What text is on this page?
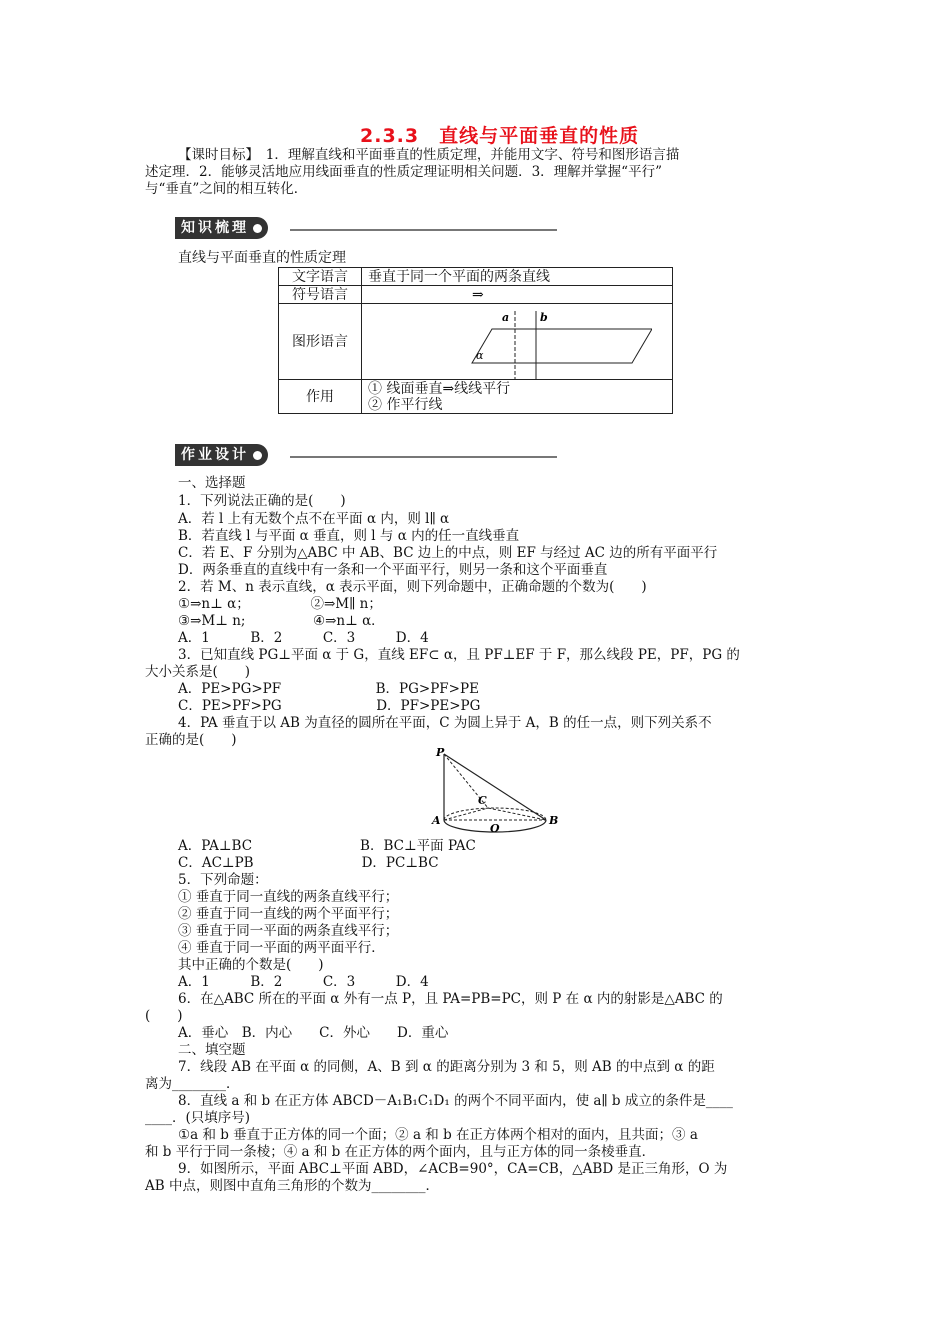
2.3.3　直线与平面垂直的性质
【课时目标】　1．理解直线和平面垂直的性质定理，并能用文字、符号和图形语言描
述定理．2．能够灵活地应用线面垂直的性质定理证明相关问题．3．理解并掌握“平行”
与“垂直”之间的相互转化．
知识梳理
直线与平面垂直的性质定理
文字语言	垂直于同一个平面的两条直线
符号语言	⇒
图形语言	a b
α

作用	① 线面垂直⇒线线平行
② 作平行线
作业设计
一、选择题
1．下列说法正确的是(　　)
A．若 l 上有无数个点不在平面 α 内，则 l∥ α
B．若直线 l 与平面 α 垂直，则 l 与 α 内的任一直线垂直
C．若 E、F 分别为△ABC 中 AB、BC 边上的中点，则 EF 与经过 AC 边的所有平面平行
D．两条垂直的直线中有一条和一个平面平行，则另一条和这个平面垂直
2．若 M、n 表示直线，α 表示平面，则下列命题中，正确命题的个数为(　　)
①⇒n⊥ α；　　　　　②⇒M∥ n；
③⇒M⊥ n;　　　　　④⇒n⊥ α．
A．1　　　B．2　　　C．3　　　D．4
3．已知直线 PG⊥平面 α 于 G，直线 EF⊂ α，且 PF⊥EF 于 F，那么线段 PE，PF，PG 的
大小关系是(　　)
A．PE>PG>PF　　　　　　　B．PG>PF>PE
C．PE>PF>PG　　　　　　　D．PF>PE>PG
4．PA 垂直于以 AB 为直径的圆所在平面，C 为圆上异于 A，B 的任一点，则下列关系不
正确的是(　　)
P
C
A
O
B
A．PA⊥BC　　　　　　　　B．BC⊥平面 PAC
C．AC⊥PB　　　　　　　　D．PC⊥BC
5．下列命题：
① 垂直于同一直线的两条直线平行；
② 垂直于同一直线的两个平面平行；
③ 垂直于同一平面的两条直线平行；
④ 垂直于同一平面的两平面平行．
其中正确的个数是(　　)
A．1　　　B．2　　　C．3　　　D．4
6．在△ABC 所在的平面 α 外有一点 P，且 PA=PB=PC，则 P 在 α 内的射影是△ABC 的
(　　)
A．垂心　B．内心　　C．外心　　D．重心
二、填空题
7．线段 AB 在平面 α 的同侧，A、B 到 α 的距离分别为 3 和 5，则 AB 的中点到 α 的距
离为________．
8．直线 a 和 b 在正方体 ABCD－A₁B₁C₁D₁ 的两个不同平面内，使 a∥ b 成立的条件是____
____．(只填序号)
①a 和 b 垂直于正方体的同一个面；② a 和 b 在正方体两个相对的面内，且共面；③ a
和 b 平行于同一条棱；④ a 和 b 在正方体的两个面内，且与正方体的同一条棱垂直．
9．如图所示，平面 ABC⊥平面 ABD，∠ACB=90°，CA=CB，△ABD 是正三角形，O 为
AB 中点，则图中直角三角形的个数为________．
